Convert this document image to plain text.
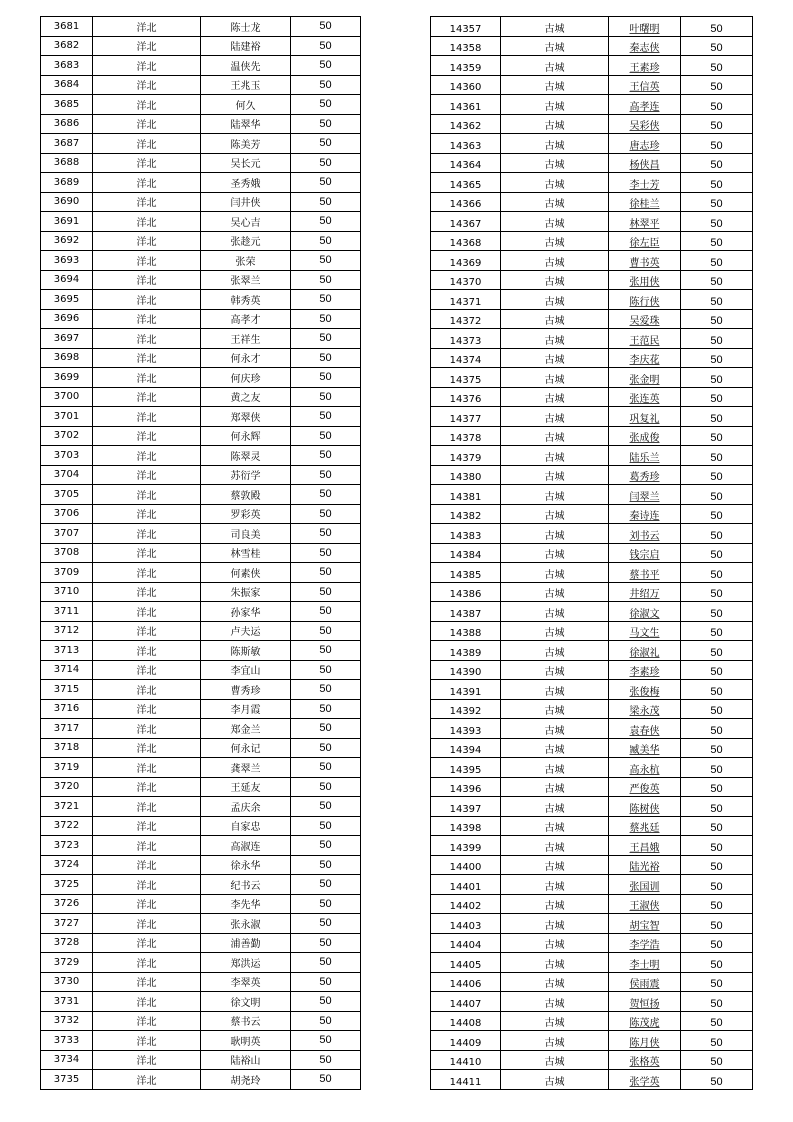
3681	洋北	陈士龙	50
3682	洋北	陆建裕	50
3683	洋北	温侠先	50
3684	洋北	王兆玉	50
3685	洋北	何久	50
3686	洋北	陆翠华	50
3687	洋北	陈美芳	50
3688	洋北	吴长元	50
3689	洋北	圣秀娥	50
3690	洋北	闫井侠	50
3691	洋北	吴心吉	50
3692	洋北	张趁元	50
3693	洋北	张荣	50
3694	洋北	张翠兰	50
3695	洋北	韩秀英	50
3696	洋北	高孝才	50
3697	洋北	王祥生	50
3698	洋北	何永才	50
3699	洋北	何庆珍	50
3700	洋北	黄之友	50
3701	洋北	郑翠侠	50
3702	洋北	何永辉	50
3703	洋北	陈翠灵	50
3704	洋北	苏衍学	50
3705	洋北	蔡敦殿	50
3706	洋北	罗彩英	50
3707	洋北	司良美	50
3708	洋北	林雪桂	50
3709	洋北	何素侠	50
3710	洋北	朱振家	50
3711	洋北	孙家华	50
3712	洋北	卢夫运	50
3713	洋北	陈斯敏	50
3714	洋北	李宜山	50
3715	洋北	曹秀珍	50
3716	洋北	李月霞	50
3717	洋北	郑金兰	50
3718	洋北	何永记	50
3719	洋北	龚翠兰	50
3720	洋北	王延友	50
3721	洋北	孟庆余	50
3722	洋北	自家忠	50
3723	洋北	高淑连	50
3724	洋北	徐永华	50
3725	洋北	纪书云	50
3726	洋北	李先华	50
3727	洋北	张永淑	50
3728	洋北	浦善勤	50
3729	洋北	郑洪运	50
3730	洋北	李翠英	50
3731	洋北	徐文明	50
3732	洋北	蔡书云	50
3733	洋北	耿明英	50
3734	洋北	陆裕山	50
3735	洋北	胡尧玲	50
14357	古城	叶曙明	50
14358	古城	秦志侠	50
14359	古城	王素珍	50
14360	古城	王信英	50
14361	古城	高孝连	50
14362	古城	吴彩侠	50
14363	古城	唐志珍	50
14364	古城	杨侠昌	50
14365	古城	李士芳	50
14366	古城	徐桂兰	50
14367	古城	林翠平	50
14368	古城	徐左臣	50
14369	古城	曹书英	50
14370	古城	张用侠	50
14371	古城	陈行侠	50
14372	古城	吴爱珠	50
14373	古城	王范民	50
14374	古城	李庆花	50
14375	古城	张金明	50
14376	古城	张连英	50
14377	古城	巩复礼	50
14378	古城	张成俊	50
14379	古城	陆乐兰	50
14380	古城	葛秀珍	50
14381	古城	闫翠兰	50
14382	古城	秦诗连	50
14383	古城	刘书云	50
14384	古城	钱宗启	50
14385	古城	蔡书平	50
14386	古城	井绍万	50
14387	古城	徐淑文	50
14388	古城	马文生	50
14389	古城	徐淑礼	50
14390	古城	李素珍	50
14391	古城	张俊梅	50
14392	古城	梁永茂	50
14393	古城	袁春侠	50
14394	古城	臧美华	50
14395	古城	高永杭	50
14396	古城	严俊英	50
14397	古城	陈树侠	50
14398	古城	蔡兆廷	50
14399	古城	王昌娥	50
14400	古城	陆光裕	50
14401	古城	张国训	50
14402	古城	王淑侠	50
14403	古城	胡宝智	50
14404	古城	李学浩	50
14405	古城	李士明	50
14406	古城	侯雨震	50
14407	古城	贺恒扬	50
14408	古城	陈茂虎	50
14409	古城	陈月侠	50
14410	古城	张格英	50
14411	古城	张学英	50
